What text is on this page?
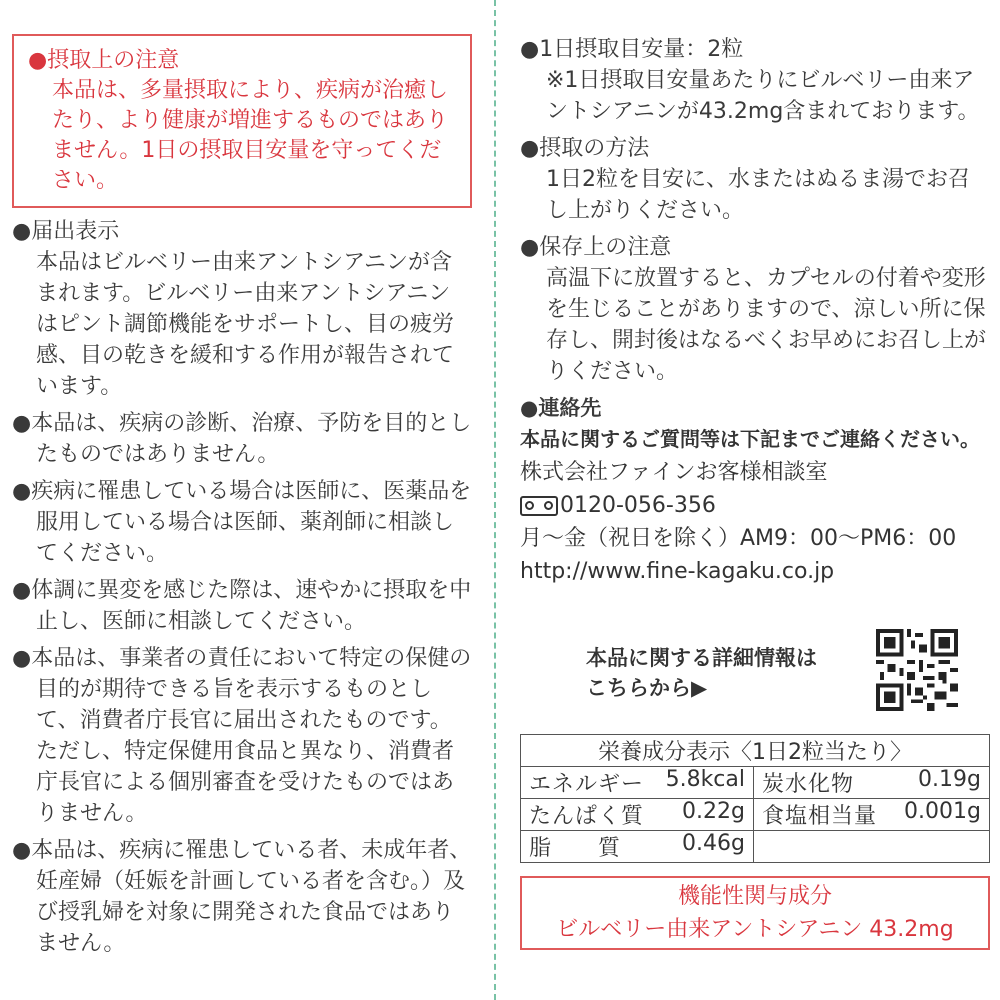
●摂取上の注意
本品は、多量摂取により、疾病が治癒したり、より健康が増進するものではありません。1日の摂取目安量を守ってください。
●届出表示
本品はビルベリー由来アントシアニンが含まれます。ビルベリー由来アントシアニンはピント調節機能をサポートし、目の疲労感、目の乾きを緩和する作用が報告されています。
●本品は、疾病の診断、治療、予防を目的としたものではありません。
●疾病に罹患している場合は医師に、医薬品を服用している場合は医師、薬剤師に相談してください。
●体調に異変を感じた際は、速やかに摂取を中止し、医師に相談してください。
●本品は、事業者の責任において特定の保健の目的が期待できる旨を表示するものとして、消費者庁長官に届出されたものです。ただし、特定保健用食品と異なり、消費者庁長官による個別審査を受けたものではありません。
●本品は、疾病に罹患している者、未成年者、妊産婦（妊娠を計画している者を含む。）及び授乳婦を対象に開発された食品ではありません。
●1日摂取目安量：2粒
※1日摂取目安量あたりにビルベリー由来アントシアニンが43.2mg含まれております。
●摂取の方法
1日2粒を目安に、水またはぬるま湯でお召し上がりください。
●保存上の注意
高温下に放置すると、カプセルの付着や変形を生じることがありますので、涼しい所に保存し、開封後はなるべくお早めにお召し上がりください。
●連絡先
本品に関するご質問等は下記までご連絡ください。
株式会社ファインお客様相談室
0120-056-356
月～金（祝日を除く）AM9：00～PM6：00
http://www.fine-kagaku.co.jp
本品に関する詳細情報は
こちらから▶
栄養成分表示〈1日2粒当たり〉	
エネルギー 5.8kcal	炭水化物 0.19g

たんぱく質 0.22g	食塩相当量 0.001g

脂　　質 0.46g	

機能性関与成分
ビルベリー由来アントシアニン 43.2mg
